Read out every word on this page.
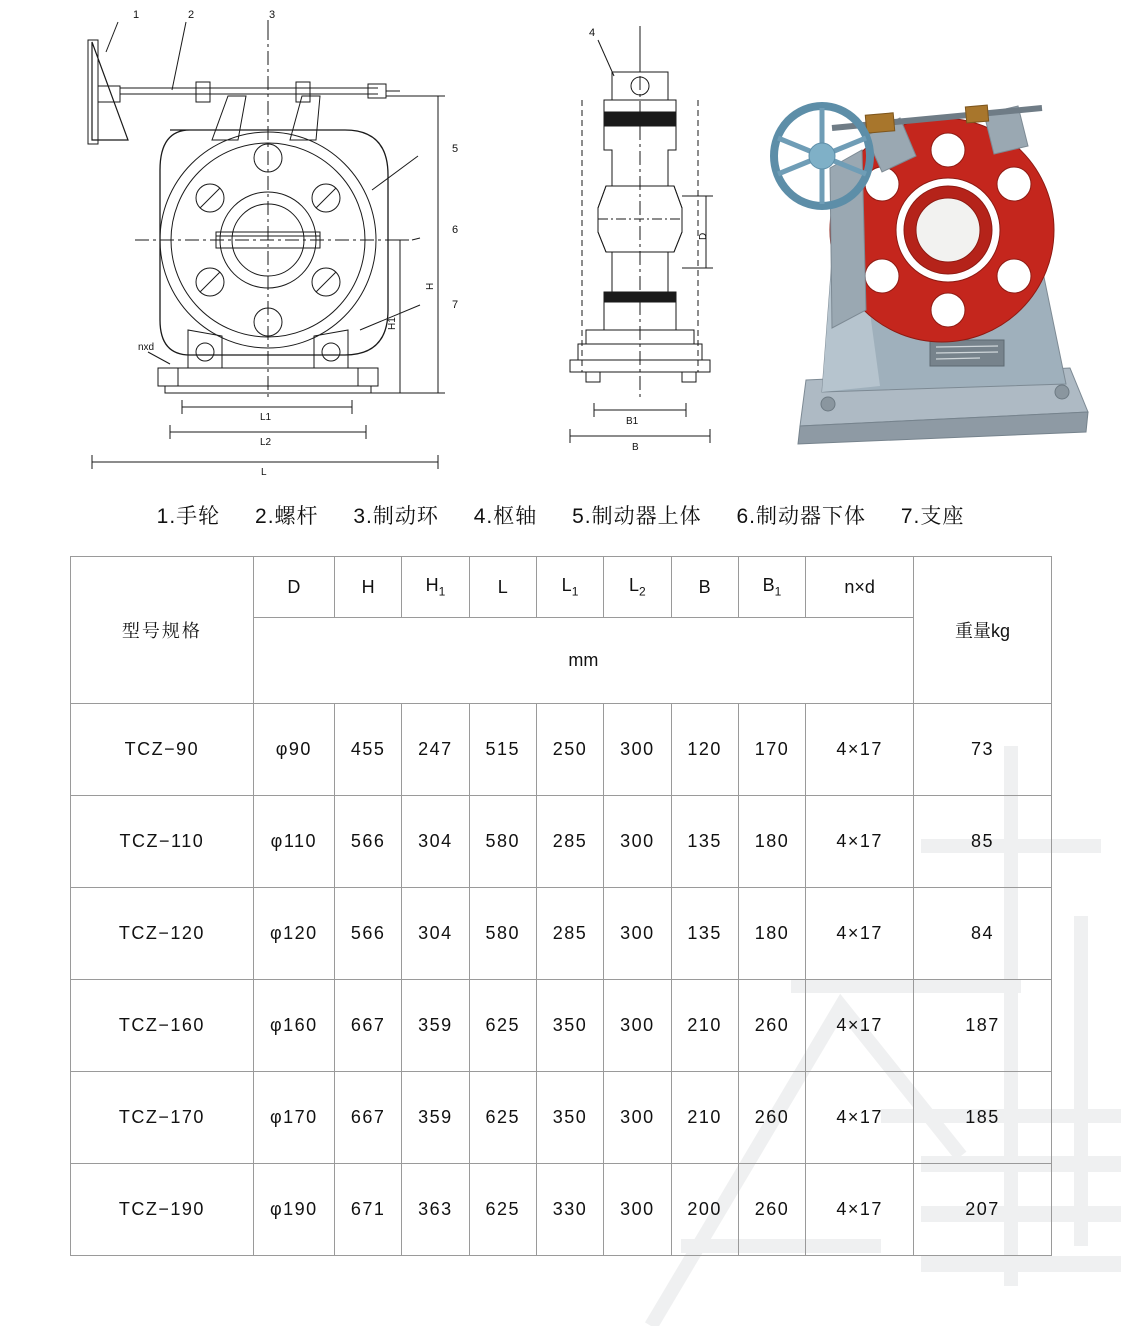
1	2	3
4
5
6
7
nxd
L1
L2
L
H1
H
D
B1
B
1.手轮 2.螺杆 3.制动环 4.枢轴 5.制动器上体 6.制动器下体 7.支座
型号规格	D	H	$H_1$	L	$L_1$	$L_2$	B	$B_1$	n×d	重量kg
	mm									
TCZ−90	φ90	455	247	515	250	300	120	170	4×17	73
TCZ−110	φ110	566	304	580	285	300	135	180	4×17	85
TCZ−120	φ120	566	304	580	285	300	135	180	4×17	84
TCZ−160	φ160	667	359	625	350	300	210	260	4×17	187
TCZ−170	φ170	667	359	625	350	300	210	260	4×17	185
TCZ−190	φ190	671	363	625	330	300	200	260	4×17	207
